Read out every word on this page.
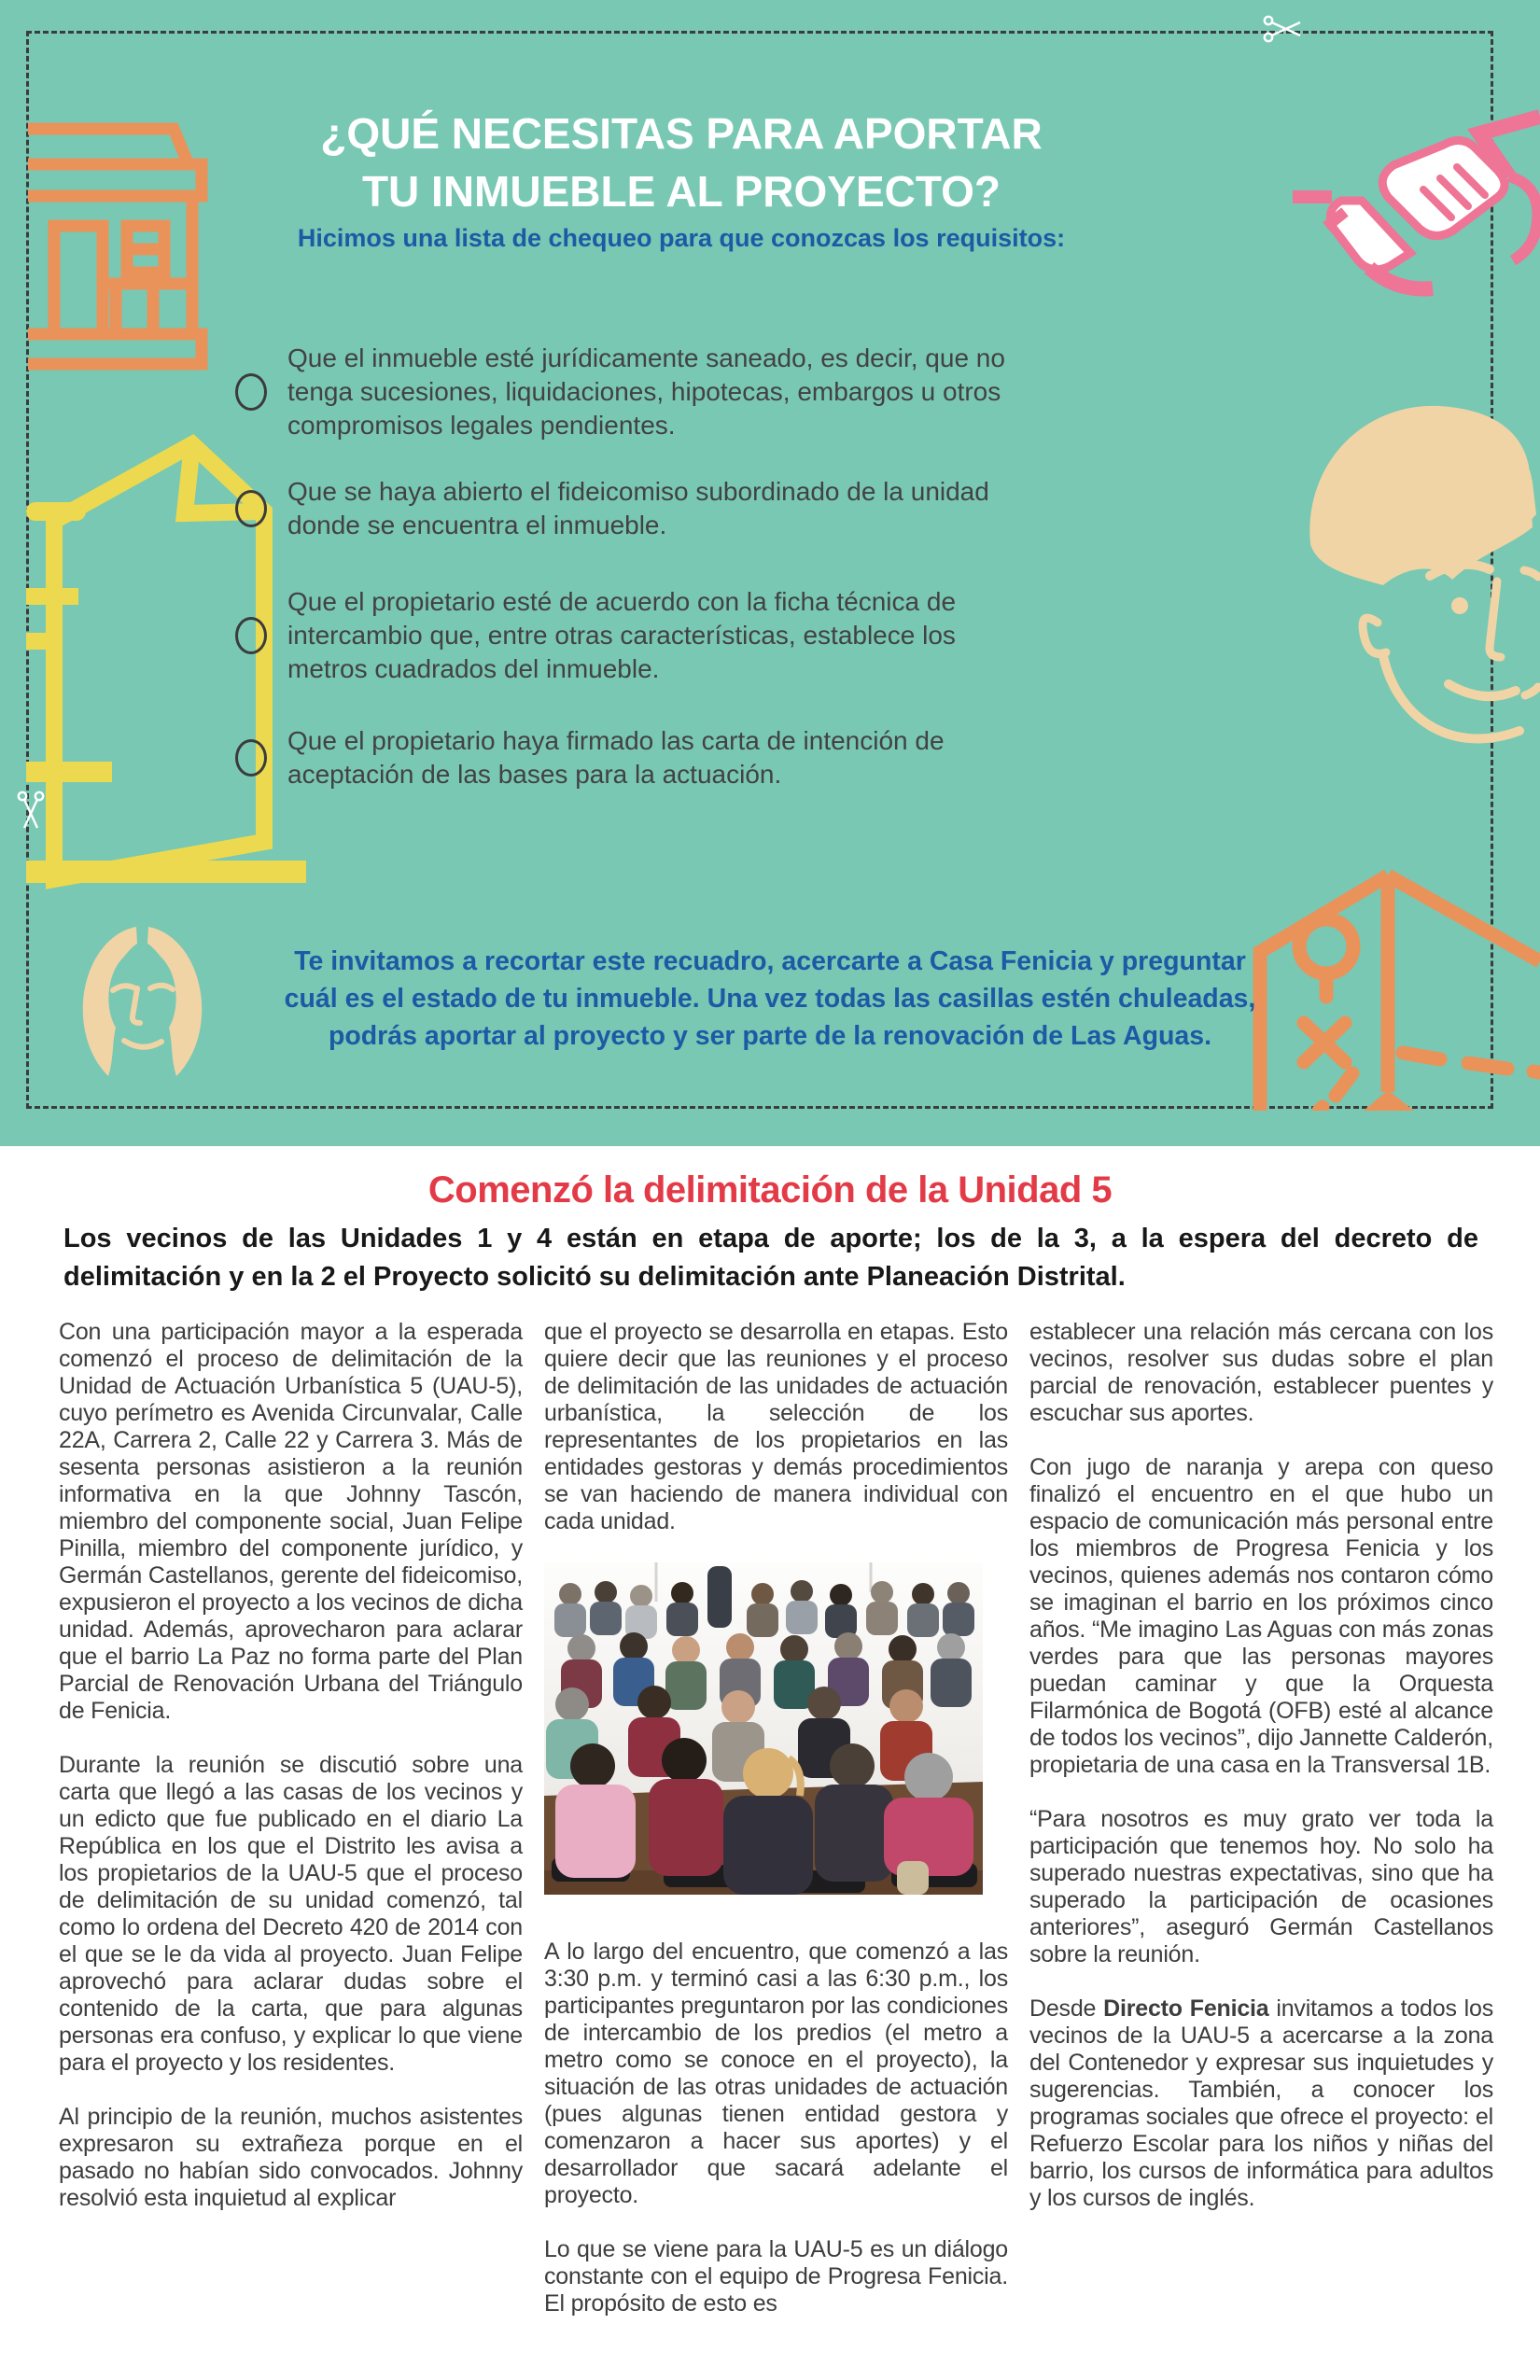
¿QUÉ NECESITAS PARA APORTAR
TU INMUEBLE AL PROYECTO?
Hicimos una lista de chequeo para que conozcas los requisitos:
Que el inmueble esté jurídicamente saneado, es decir, que no tenga sucesiones, liquidaciones, hipotecas, embargos u otros compromisos legales pendientes.
Que se haya abierto el fideicomiso subordinado de la unidad donde se encuentra el inmueble.
Que el propietario esté de acuerdo con la ficha técnica de intercambio que, entre otras características, establece los metros cuadrados del inmueble.
Que el propietario haya firmado las carta de intención de aceptación de las bases para la actuación.
Te invitamos a recortar este recuadro, acercarte a Casa Fenicia y preguntar cuál es el estado de tu inmueble. Una vez todas las casillas estén chuleadas, podrás aportar al proyecto y ser parte de la renovación de Las Aguas.
Comenzó la delimitación de la Unidad 5
Los vecinos de las Unidades 1 y 4 están en etapa de aporte; los de la 3, a la espera del decreto de delimitación y en la 2 el Proyecto solicitó su delimitación ante Planeación Distrital.

Con una participación mayor a la esperada comenzó el proceso de delimitación de la Unidad de Actuación Urbanística 5 (UAU-5), cuyo perímetro es Avenida Circunvalar, Calle 22A, Carrera 2, Calle 22 y Carrera 3. Más de sesenta personas asistieron a la reunión informativa en la que Johnny Tascón, miembro del componente social, Juan Felipe Pinilla, miembro del componente jurídico, y Germán Castellanos, gerente del fideicomiso, expusieron el proyecto a los vecinos de dicha unidad. Además, aprovecharon para aclarar que el barrio La Paz no forma parte del Plan Parcial de Renovación Urbana del Triángulo de Fenicia.

Durante la reunión se discutió sobre una carta que llegó a las casas de los vecinos y un edicto que fue publicado en el diario La República en los que el Distrito les avisa a los propietarios de la UAU-5 que el proceso de delimitación de su unidad comenzó, tal como lo ordena del Decreto 420 de 2014 con el que se le da vida al proyecto. Juan Felipe aprovechó para aclarar dudas sobre el contenido de la carta, que para algunas personas era confuso, y explicar lo que viene para el proyecto y los residentes.

Al principio de la reunión, muchos asistentes expresaron su extrañeza porque en el pasado no habían sido convocados. Johnny resolvió esta inquietud al explicar

que el proyecto se desarrolla en etapas. Esto quiere decir que las reuniones y el proceso de delimitación de las unidades de actuación urbanística, la selección de los representantes de los propietarios en las entidades gestoras y demás procedimientos se van haciendo de manera individual con cada unidad.

A lo largo del encuentro, que comenzó a las 3:30 p.m. y terminó casi a las 6:30 p.m., los participantes preguntaron por las condiciones de intercambio de los predios (el metro a metro como se conoce en el proyecto), la situación de las otras unidades de actuación (pues algunas tienen entidad gestora y comenzaron a hacer sus aportes) y el desarrollador que sacará adelante el proyecto.

Lo que se viene para la UAU-5 es un diálogo constante con el equipo de Progresa Fenicia. El propósito de esto es

establecer una relación más cercana con los vecinos, resolver sus dudas sobre el plan parcial de renovación, establecer puentes y escuchar sus aportes.

Con jugo de naranja y arepa con queso finalizó el encuentro en el que hubo un espacio de comunicación más personal entre los miembros de Progresa Fenicia y los vecinos, quienes además nos contaron cómo se imaginan el barrio en los próximos cinco años. “Me imagino Las Aguas con más zonas verdes para que las personas mayores puedan caminar y que la Orquesta Filarmónica de Bogotá (OFB) esté al alcance de todos los vecinos”, dijo Jannette Calderón, propietaria de una casa en la Transversal 1B.

“Para nosotros es muy grato ver toda la participación que tenemos hoy. No solo ha superado nuestras expectativas, sino que ha superado la participación de ocasiones anteriores”, aseguró Germán Castellanos sobre la reunión.

Desde Directo Fenicia invitamos a todos los vecinos de la UAU-5 a acercarse a la zona del Contenedor y expresar sus inquietudes y sugerencias. También, a conocer los programas sociales que ofrece el proyecto: el Refuerzo Escolar para los niños y niñas del barrio, los cursos de informática para adultos y los cursos de inglés.
